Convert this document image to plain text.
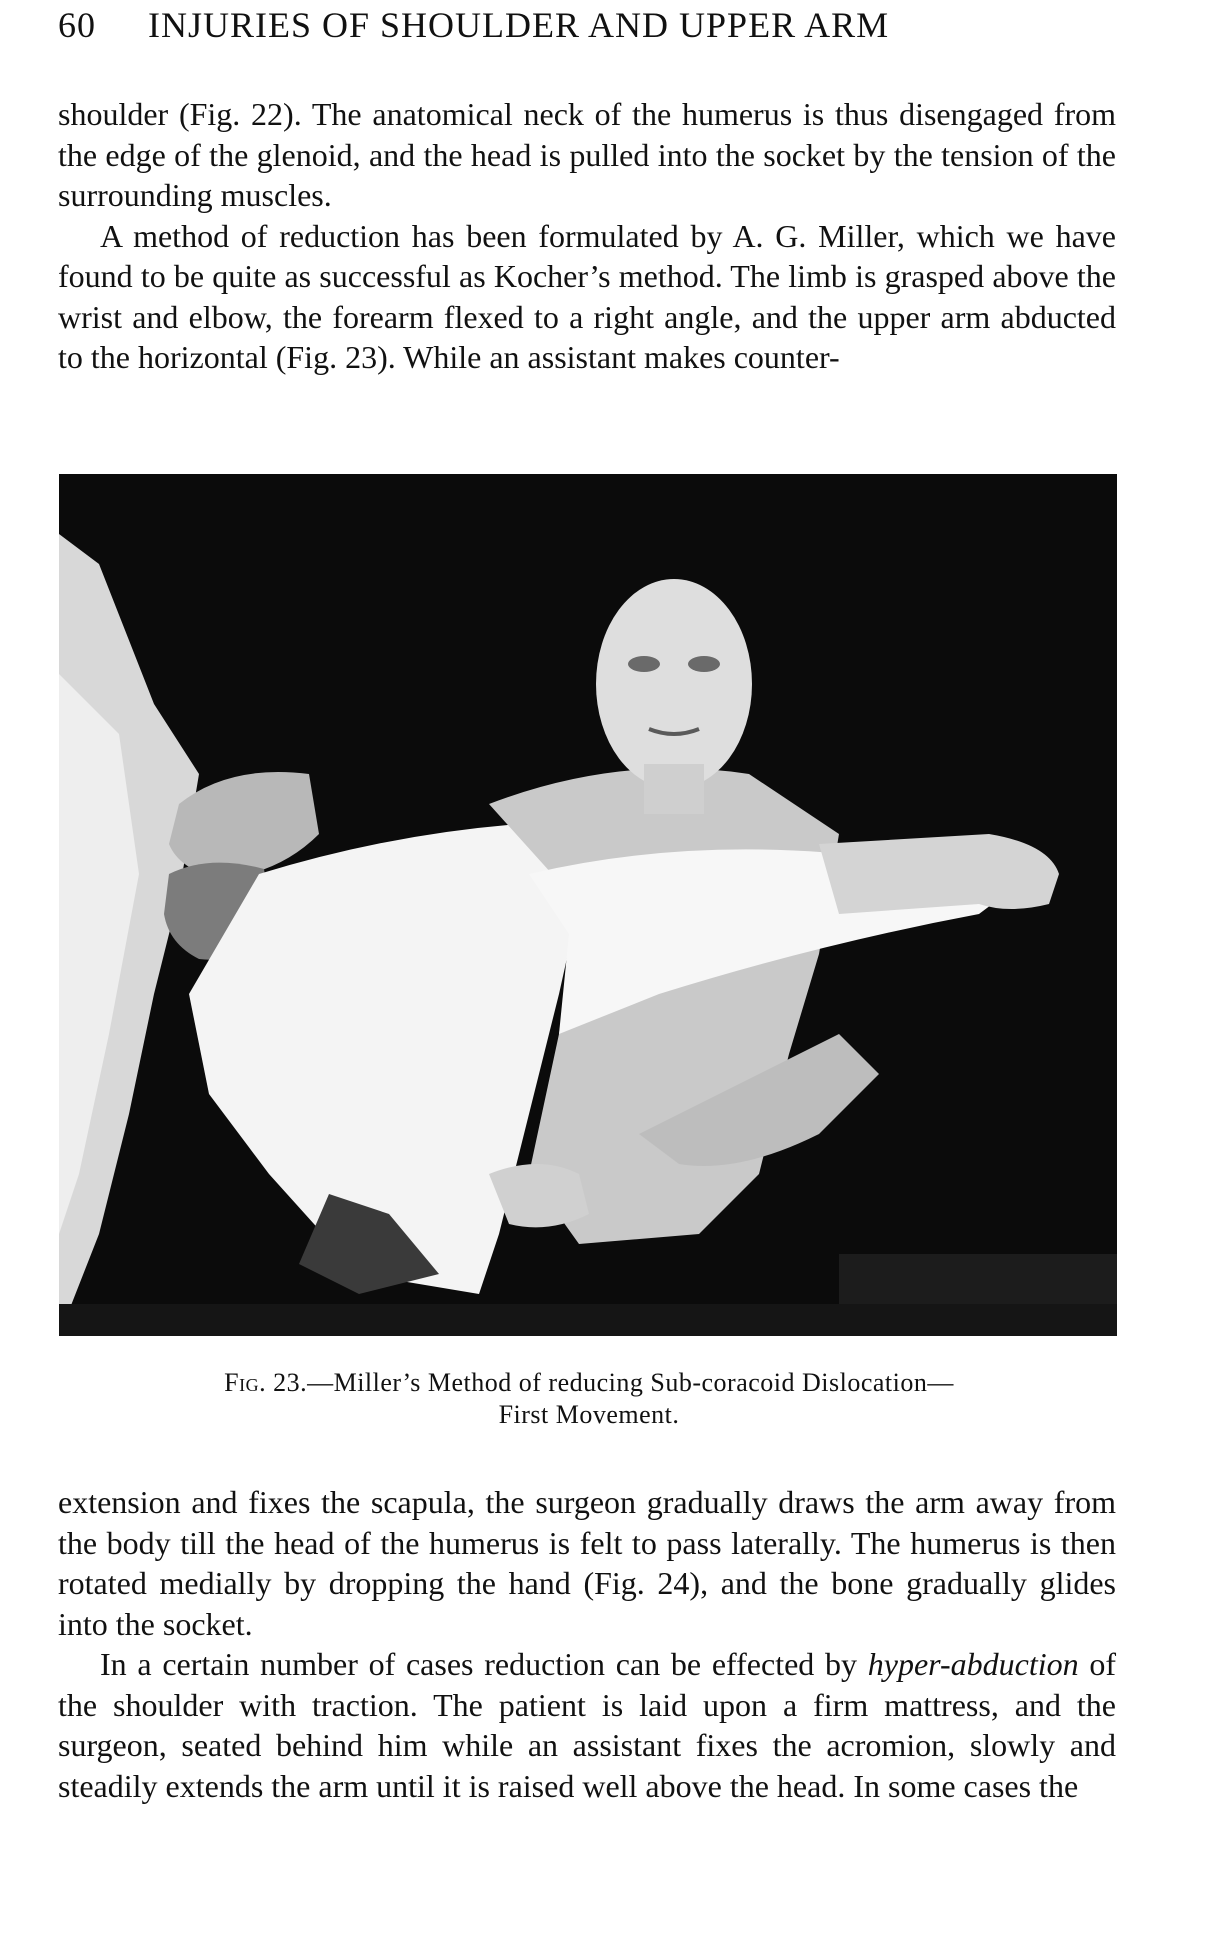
60 INJURIES OF SHOULDER AND UPPER ARM

shoulder (Fig. 22). The anatomical neck of the humerus is thus disengaged from the edge of the glenoid, and the head is pulled into the socket by the tension of the surrounding muscles.

A method of reduction has been formulated by A. G. Miller, which we have found to be quite as successful as Kocher’s method. The limb is grasped above the wrist and elbow, the forearm flexed to a right angle, and the upper arm abducted to the horizontal (Fig. 23). While an assistant makes counter-

Fig. 23.—Miller’s Method of reducing Sub-coracoid Dislocation—
First Movement.

extension and fixes the scapula, the surgeon gradually draws the arm away from the body till the head of the humerus is felt to pass laterally. The humerus is then rotated medially by dropping the hand (Fig. 24), and the bone gradually glides into the socket.

In a certain number of cases reduction can be effected by hyper-abduction of the shoulder with traction. The patient is laid upon a firm mattress, and the surgeon, seated behind him while an assistant fixes the acromion, slowly and steadily extends the arm until it is raised well above the head. In some cases the
